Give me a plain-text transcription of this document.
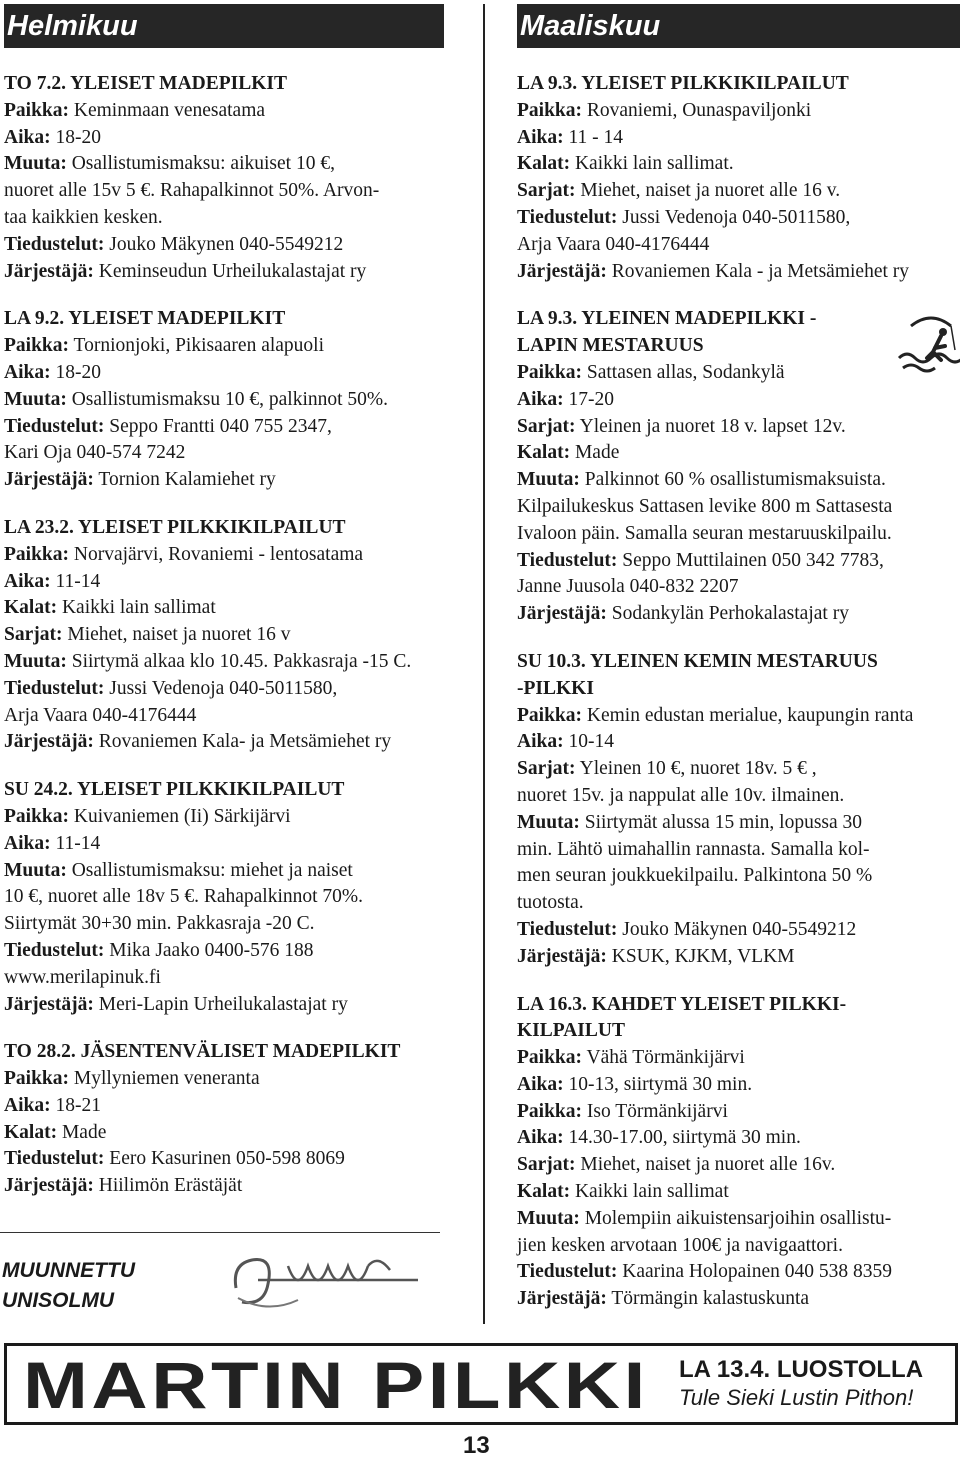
Helmikuu

TO 7.2. YLEISET MADEPILKIT

Paikka: Keminmaan venesatama

Aika: 18-20

Muuta: Osallistumismaksu: aikuiset 10 €,

nuoret alle 15v 5 €. Rahapalkinnot 50%. Arvon-

taa kaikkien kesken.

Tiedustelut: Jouko Mäkynen 040-5549212

Järjestäjä: Keminseudun Urheilukalastajat ry

LA 9.2. YLEISET MADEPILKIT

Paikka: Tornionjoki, Pikisaaren alapuoli

Aika: 18-20

Muuta: Osallistumismaksu 10 €, palkinnot 50%.

Tiedustelut: Seppo Frantti 040 755 2347,

Kari Oja 040-574 7242

Järjestäjä: Tornion Kalamiehet ry

LA 23.2. YLEISET PILKKIKILPAILUT

Paikka: Norvajärvi, Rovaniemi - lentosatama

Aika: 11-14

Kalat: Kaikki lain sallimat

Sarjat: Miehet, naiset ja nuoret 16 v

Muuta: Siirtymä alkaa klo 10.45. Pakkasraja -15 C.

Tiedustelut: Jussi Vedenoja 040-5011580,

Arja Vaara 040-4176444

Järjestäjä: Rovaniemen Kala- ja Metsämiehet ry

SU 24.2. YLEISET PILKKIKILPAILUT

Paikka: Kuivaniemen (Ii) Särkijärvi

Aika: 11-14

Muuta: Osallistumismaksu: miehet ja naiset

10 €, nuoret alle 18v 5 €. Rahapalkinnot 70%.

Siirtymät 30+30 min. Pakkasraja -20 C.

Tiedustelut: Mika Jaako 0400-576 188

www.merilapinuk.fi

Järjestäjä: Meri-Lapin Urheilukalastajat ry

TO 28.2. JÄSENTENVÄLISET MADEPILKIT

Paikka: Myllyniemen veneranta

Aika: 18-21

Kalat: Made

Tiedustelut: Eero Kasurinen 050-598 8069

Järjestäjä: Hiilimön Erästäjät

Maaliskuu

LA 9.3. YLEISET PILKKIKILPAILUT

Paikka: Rovaniemi, Ounaspaviljonki

Aika: 11 - 14

Kalat: Kaikki lain sallimat.

Sarjat: Miehet, naiset ja nuoret alle 16 v.

Tiedustelut: Jussi Vedenoja 040-5011580,

Arja Vaara 040-4176444

Järjestäjä: Rovaniemen Kala - ja Metsämiehet ry

LA 9.3. YLEINEN MADEPILKKI -

LAPIN MESTARUUS

Paikka: Sattasen allas, Sodankylä

Aika: 17-20

Sarjat: Yleinen ja nuoret 18 v. lapset 12v.

Kalat: Made

Muuta: Palkinnot 60 % osallistumismaksuista.

Kilpailukeskus Sattasen levike 800 m Sattasesta

Ivaloon päin. Samalla seuran mestaruuskilpailu.

Tiedustelut: Seppo Muttilainen 050 342 7783,

Janne Juusola 040-832 2207

Järjestäjä: Sodankylän Perhokalastajat ry

SU 10.3. YLEINEN KEMIN MESTARUUS

-PILKKI

Paikka: Kemin edustan merialue, kaupungin ranta

Aika: 10-14

Sarjat: Yleinen 10 €, nuoret 18v. 5 € ,

nuoret 15v. ja nappulat alle 10v. ilmainen.

Muuta: Siirtymät alussa 15 min, lopussa 30

min. Lähtö uimahallin rannasta. Samalla kol-

men seuran joukkuekilpailu. Palkintona 50 %

tuotosta.

Tiedustelut: Jouko Mäkynen 040-5549212

Järjestäjä: KSUK, KJKM, VLKM

LA 16.3. KAHDET YLEISET PILKKI-

KILPAILUT

Paikka: Vähä Törmänkijärvi

Aika: 10-13, siirtymä 30 min.

Paikka: Iso Törmänkijärvi

Aika: 14.30-17.00, siirtymä 30 min.

Sarjat: Miehet, naiset ja nuoret alle 16v.

Kalat: Kaikki lain sallimat

Muuta: Molempiin aikuistensarjoihin osallistu-

jien kesken arvotaan 100€ ja navigaattori.

Tiedustelut: Kaarina Holopainen 040 538 8359

Järjestäjä: Törmängin kalastuskunta

MUUNNETTU
UNISOLMU
MARTIN PILKKI LA 13.4. LUOSTOLLA
Tule Sieki Lustin Pithon!
13
